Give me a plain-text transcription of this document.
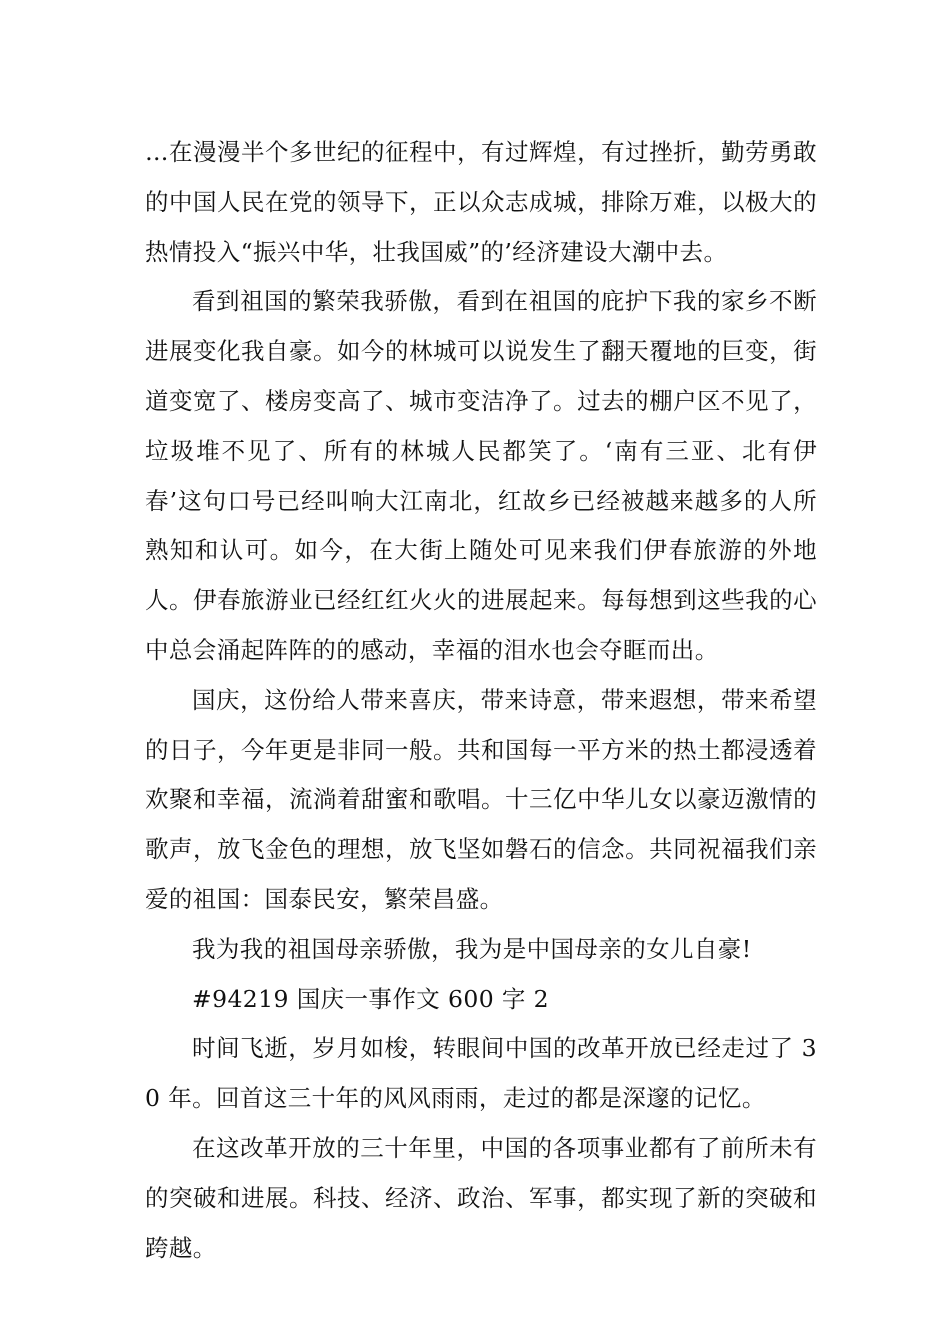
…在漫漫半个多世纪的征程中，有过辉煌，有过挫折，勤劳勇敢的中国人民在党的领导下，正以众志成城，排除万难，以极大的热情投入“振兴中华，壮我国威”的’经济建设大潮中去。

看到祖国的繁荣我骄傲，看到在祖国的庇护下我的家乡不断进展变化我自豪。如今的林城可以说发生了翻天覆地的巨变，街道变宽了、楼房变高了、城市变洁净了。过去的棚户区不见了，垃圾堆不见了、所有的林城人民都笑了。‘南有三亚、北有伊春’这句口号已经叫响大江南北，红故乡已经被越来越多的人所熟知和认可。如今，在大街上随处可见来我们伊春旅游的外地人。伊春旅游业已经红红火火的进展起来。每每想到这些我的心中总会涌起阵阵的的感动，幸福的泪水也会夺眶而出。

国庆，这份给人带来喜庆，带来诗意，带来遐想，带来希望的日子，今年更是非同一般。共和国每一平方米的热土都浸透着欢聚和幸福，流淌着甜蜜和歌唱。十三亿中华儿女以豪迈激情的歌声，放飞金色的理想，放飞坚如磐石的信念。共同祝福我们亲爱的祖国：国泰民安，繁荣昌盛。

我为我的祖国母亲骄傲，我为是中国母亲的女儿自豪!

#94219 国庆一事作文 600 字 2

时间飞逝，岁月如梭，转眼间中国的改革开放已经走过了 30 年。回首这三十年的风风雨雨，走过的都是深邃的记忆。

在这改革开放的三十年里，中国的各项事业都有了前所未有的突破和进展。科技、经济、政治、军事，都实现了新的突破和跨越。
